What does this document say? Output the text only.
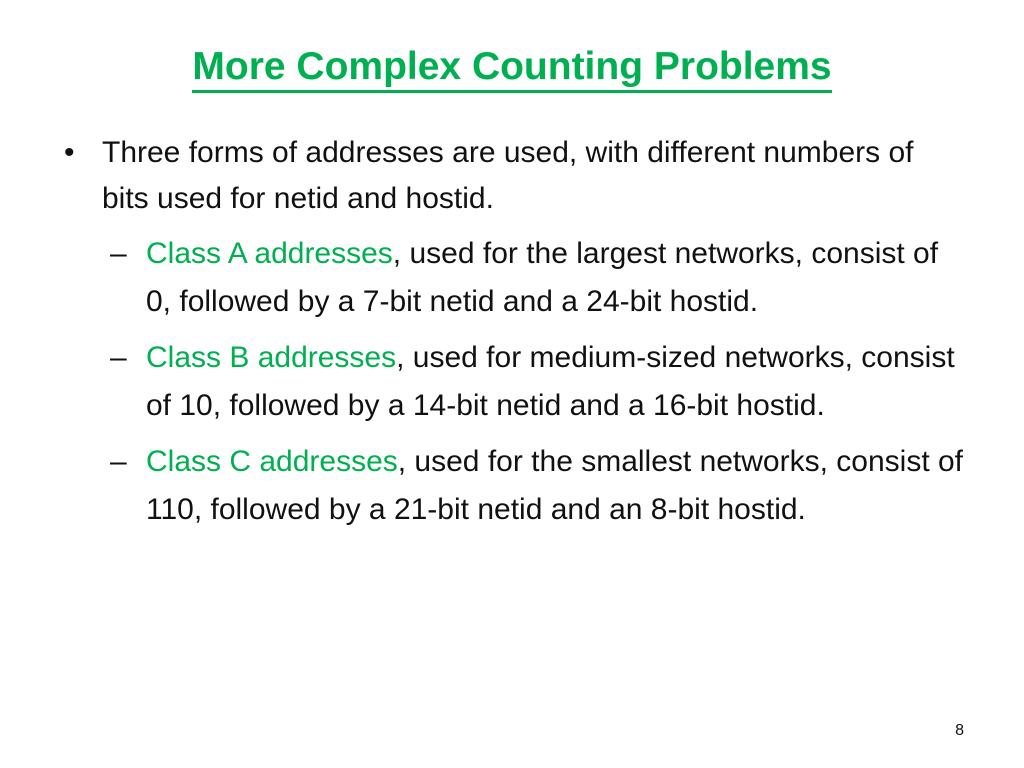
More Complex Counting Problems
• Three forms of addresses are used, with different numbers of bits used for netid and hostid.
– Class A addresses, used for the largest networks, consist of 0, followed by a 7-bit netid and a 24-bit hostid.
– Class B addresses, used for medium-sized networks, consist of 10, followed by a 14-bit netid and a 16-bit hostid.
– Class C addresses, used for the smallest networks, consist of 110, followed by a 21-bit netid and an 8-bit hostid.
8
